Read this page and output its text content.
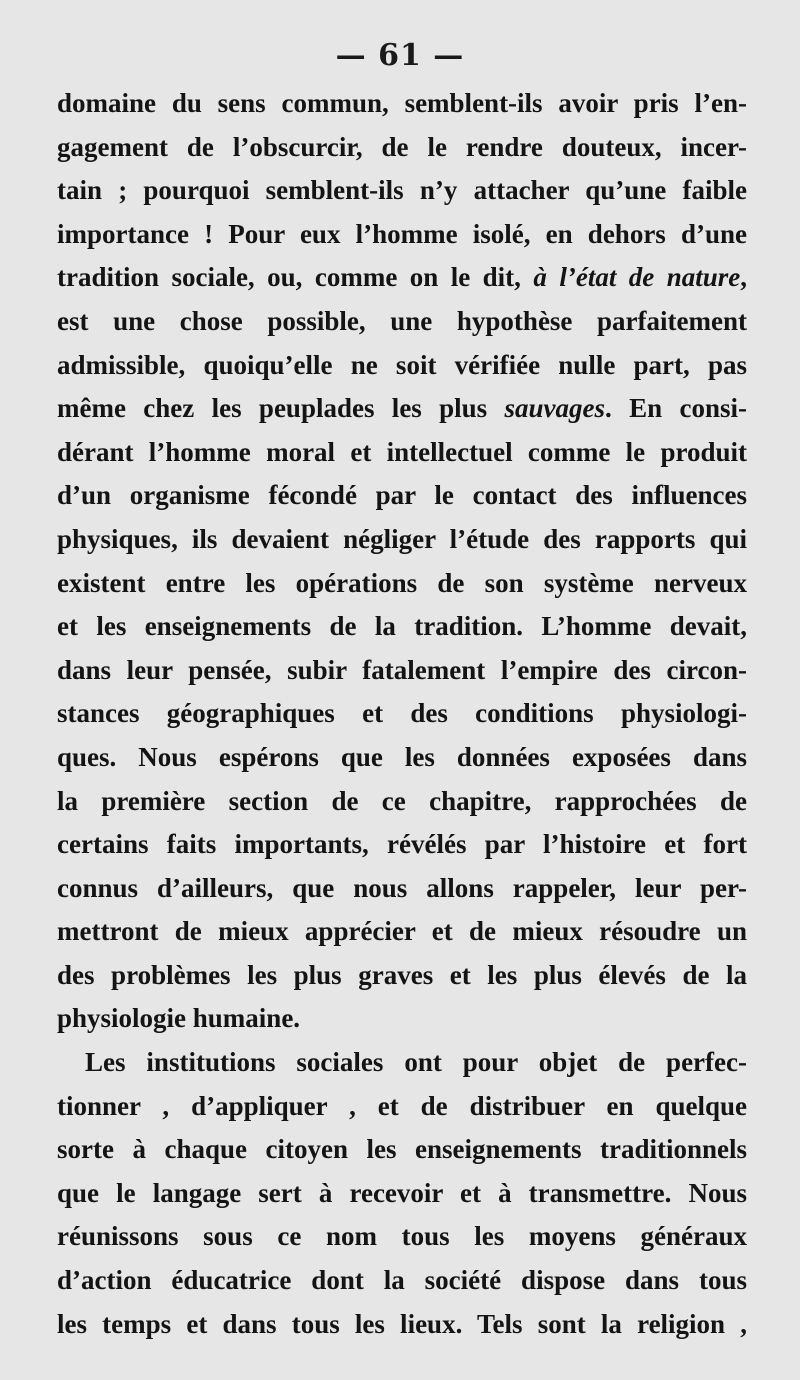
— 61 —
domaine du sens commun, semblent-ils avoir pris l’en-
gagement de l’obscurcir, de le rendre douteux, incer-
tain ; pourquoi semblent-ils n’y attacher qu’une faible
importance ! Pour eux l’homme isolé, en dehors d’une
tradition sociale, ou, comme on le dit, à l’état de nature,
est une chose possible, une hypothèse parfaitement
admissible, quoiqu’elle ne soit vérifiée nulle part, pas
même chez les peuplades les plus sauvages. En consi-
dérant l’homme moral et intellectuel comme le produit
d’un organisme fécondé par le contact des influences
physiques, ils devaient négliger l’étude des rapports qui
existent entre les opérations de son système nerveux
et les enseignements de la tradition. L’homme devait,
dans leur pensée, subir fatalement l’empire des circon-
stances géographiques et des conditions physiologi-
ques. Nous espérons que les données exposées dans
la première section de ce chapitre, rapprochées de
certains faits importants, révélés par l’histoire et fort
connus d’ailleurs, que nous allons rappeler, leur per-
mettront de mieux apprécier et de mieux résoudre un
des problèmes les plus graves et les plus élevés de la
physiologie humaine.
Les institutions sociales ont pour objet de perfec-
tionner , d’appliquer , et de distribuer en quelque
sorte à chaque citoyen les enseignements traditionnels
que le langage sert à recevoir et à transmettre. Nous
réunissons sous ce nom tous les moyens généraux
d’action éducatrice dont la société dispose dans tous
les temps et dans tous les lieux. Tels sont la religion ,
